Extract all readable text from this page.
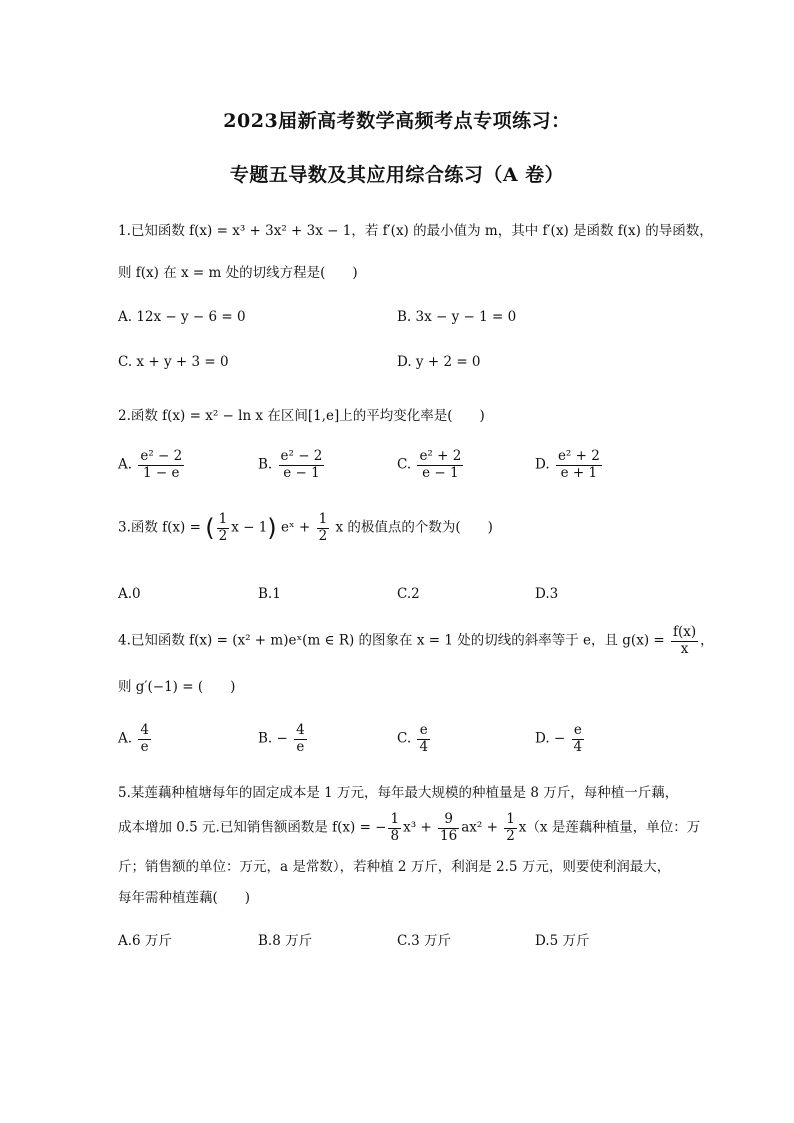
2023届新高考数学高频考点专项练习：
专题五导数及其应用综合练习（A 卷）
1.已知函数 f(x) = x³ + 3x² + 3x − 1，若 f′(x) 的最小值为 m，其中 f′(x) 是函数 f(x) 的导函数，
则 f(x) 在 x = m 处的切线方程是(　　)
A. 12x − y − 6 = 0	B. 3x − y − 1 = 0
C. x + y + 3 = 0	D. y + 2 = 0
2.函数 f(x) = x² − ln x 在区间[1,e]上的平均变化率是(　　)
A. $\frac{\text{e² − 2}}{1 - e}$	B. $\frac{\text{e² − 2}}{e - 1}$	C. $\frac{\text{e² + 2}}{e - 1}$	D. $\frac{\text{e² + 2}}{e + 1}$
3.函数 f(x) = ( $\frac{1}{2}$ x − 1) eˣ + $\frac{1}{2}$ x 的极值点的个数为(　　)
A.0	B.1	C.2	D.3
4.已知函数 f(x) = (x² + m)eˣ(m ∈ R) 的图象在 x = 1 处的切线的斜率等于 e，且 $g(x) = \frac{f(x)}{x}$ ，
则 g′(−1) = (　　)
A. $\frac{4}{e}$	B. − $\frac{4}{e}$	C. $\frac{e}{4}$	D. − $\frac{e}{4}$
5.某莲藕种植塘每年的固定成本是 1 万元，每年最大规模的种植量是 8 万斤，每种植一斤藕，
成本增加 0.5 元.已知销售额函数是 f(x) = − $\frac{1}{8} x^3 + \frac{9}{16} ax^2 + \frac{1}{2} x(x$ 是莲藕种植量，单位：万
斤；销售额的单位：万元，a 是常数），若种植 2 万斤，利润是 2.5 万元，则要使利润最大，
每年需种植莲藕(　　)
A.6 万斤	B.8 万斤	C.3 万斤	D.5 万斤
